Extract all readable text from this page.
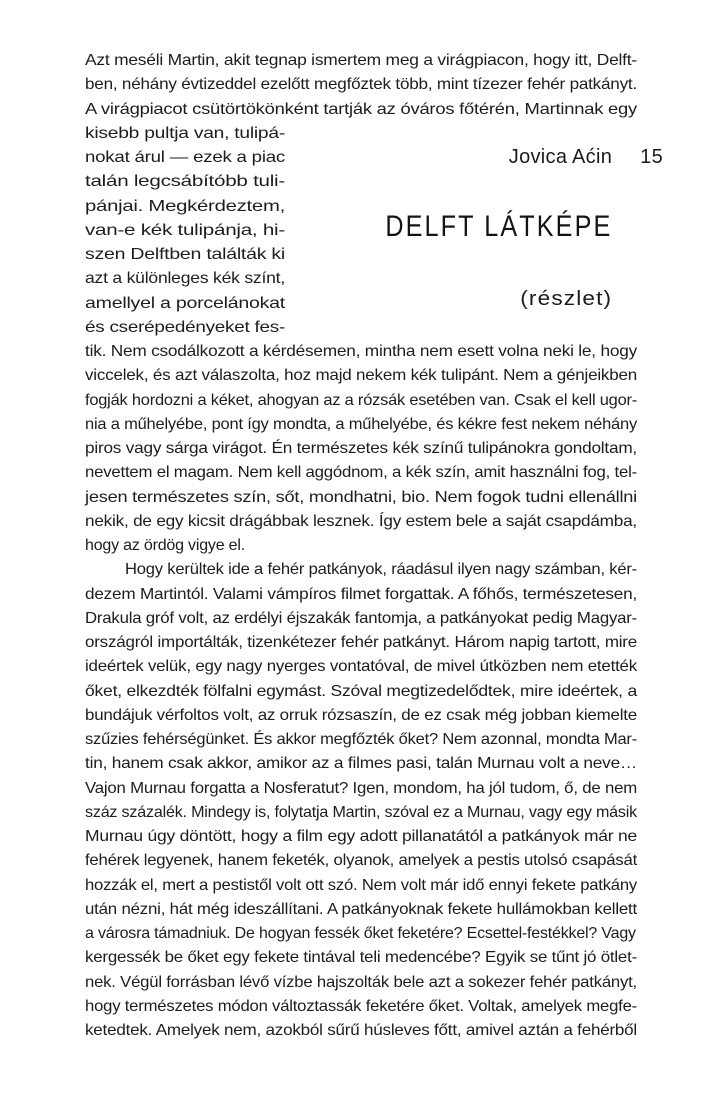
Jovica Aćin 15
DELFT LÁTKÉPE
(részlet)
Azt meséli Martin, akit tegnap ismertem meg a virágpiacon, hogy itt, Delft-
ben, néhány évtizeddel ezelőtt megfőztek több, mint tízezer fehér patkányt.
A virágpiacot csütörtökönként tartják az óváros főtérén, Martinnak egy
kisebb pultja van, tulipá-
nokat árul — ezek a piac
talán legcsábítóbb tuli-
pánjai. Megkérdeztem,
van-e kék tulipánja, hi-
szen Delftben találták ki
azt a különleges kék színt,
amellyel a porcelánokat
és cserépedényeket fes-
tik. Nem csodálkozott a kérdésemen, mintha nem esett volna neki le, hogy
viccelek, és azt válaszolta, hoz majd nekem kék tulipánt. Nem a génjeikben
fogják hordozni a kéket, ahogyan az a rózsák esetében van. Csak el kell ugor-
nia a műhelyébe, pont így mondta, a műhelyébe, és kékre fest nekem néhány
piros vagy sárga virágot. Én természetes kék színű tulipánokra gondoltam,
nevettem el magam. Nem kell aggódnom, a kék szín, amit használni fog, tel-
jesen természetes szín, sőt, mondhatni, bio. Nem fogok tudni ellenállni
nekik, de egy kicsit drágábbak lesznek. Így estem bele a saját csapdámba,
hogy az ördög vigye el.
Hogy kerültek ide a fehér patkányok, ráadásul ilyen nagy számban, kér-
dezem Martintól. Valami vámpíros filmet forgattak. A főhős, természetesen,
Drakula gróf volt, az erdélyi éjszakák fantomja, a patkányokat pedig Magyar-
országról importálták, tizenkétezer fehér patkányt. Három napig tartott, mire
ideértek velük, egy nagy nyerges vontatóval, de mivel útközben nem etették
őket, elkezdték fölfalni egymást. Szóval megtizedelődtek, mire ideértek, a
bundájuk vérfoltos volt, az orruk rózsaszín, de ez csak még jobban kiemelte
szűzies fehérségünket. És akkor megfőzték őket? Nem azonnal, mondta Mar-
tin, hanem csak akkor, amikor az a filmes pasi, talán Murnau volt a neve…
Vajon Murnau forgatta a Nosferatut? Igen, mondom, ha jól tudom, ő, de nem
száz százalék. Mindegy is, folytatja Martin, szóval ez a Murnau, vagy egy másik
Murnau úgy döntött, hogy a film egy adott pillanatától a patkányok már ne
fehérek legyenek, hanem feketék, olyanok, amelyek a pestis utolsó csapását
hozzák el, mert a pestistől volt ott szó. Nem volt már idő ennyi fekete patkány
után nézni, hát még ideszállítani. A patkányoknak fekete hullámokban kellett
a városra támadniuk. De hogyan fessék őket feketére? Ecsettel-festékkel? Vagy
kergessék be őket egy fekete tintával teli medencébe? Egyik se tűnt jó ötlet-
nek. Végül forrásban lévő vízbe hajszolták bele azt a sokezer fehér patkányt,
hogy természetes módon változtassák feketére őket. Voltak, amelyek megfe-
ketedtek. Amelyek nem, azokból sűrű húsleves főtt, amivel aztán a fehérből
